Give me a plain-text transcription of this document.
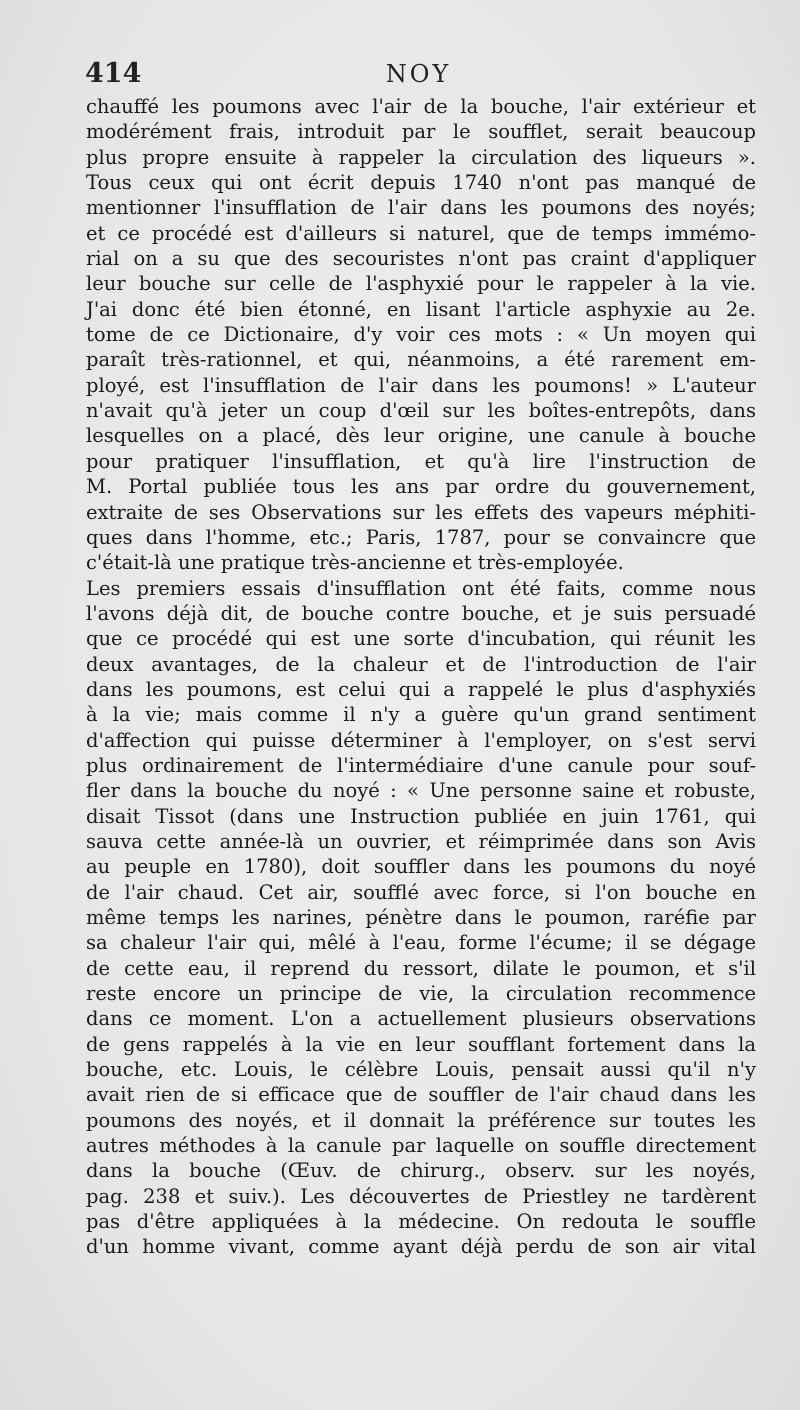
414	NOY
chauffé les poumons avec l'air de la bouche, l'air extérieur et
modérément frais, introduit par le soufflet, serait beaucoup
plus propre ensuite à rappeler la circulation des liqueurs ».
Tous ceux qui ont écrit depuis 1740 n'ont pas manqué de
mentionner l'insufflation de l'air dans les poumons des noyés;
et ce procédé est d'ailleurs si naturel, que de temps immémo-
rial on a su que des secouristes n'ont pas craint d'appliquer
leur bouche sur celle de l'asphyxié pour le rappeler à la vie.
J'ai donc été bien étonné, en lisant l'article asphyxie au 2e.
tome de ce Dictionaire, d'y voir ces mots : « Un moyen qui
paraît très-rationnel, et qui, néanmoins, a été rarement em-
ployé, est l'insufflation de l'air dans les poumons! » L'auteur
n'avait qu'à jeter un coup d'œil sur les boîtes-entrepôts, dans
lesquelles on a placé, dès leur origine, une canule à bouche
pour pratiquer l'insufflation, et qu'à lire l'instruction de
M. Portal publiée tous les ans par ordre du gouvernement,
extraite de ses Observations sur les effets des vapeurs méphiti-
ques dans l'homme, etc.; Paris, 1787, pour se convaincre que
c'était-là une pratique très-ancienne et très-employée.
Les premiers essais d'insufflation ont été faits, comme nous
l'avons déjà dit, de bouche contre bouche, et je suis persuadé
que ce procédé qui est une sorte d'incubation, qui réunit les
deux avantages, de la chaleur et de l'introduction de l'air
dans les poumons, est celui qui a rappelé le plus d'asphyxiés
à la vie; mais comme il n'y a guère qu'un grand sentiment
d'affection qui puisse déterminer à l'employer, on s'est servi
plus ordinairement de l'intermédiaire d'une canule pour souf-
fler dans la bouche du noyé : « Une personne saine et robuste,
disait Tissot (dans une Instruction publiée en juin 1761, qui
sauva cette année-là un ouvrier, et réimprimée dans son Avis
au peuple en 1780), doit souffler dans les poumons du noyé
de l'air chaud. Cet air, soufflé avec force, si l'on bouche en
même temps les narines, pénètre dans le poumon, raréfie par
sa chaleur l'air qui, mêlé à l'eau, forme l'écume; il se dégage
de cette eau, il reprend du ressort, dilate le poumon, et s'il
reste encore un principe de vie, la circulation recommence
dans ce moment. L'on a actuellement plusieurs observations
de gens rappelés à la vie en leur soufflant fortement dans la
bouche, etc. Louis, le célèbre Louis, pensait aussi qu'il n'y
avait rien de si efficace que de souffler de l'air chaud dans les
poumons des noyés, et il donnait la préférence sur toutes les
autres méthodes à la canule par laquelle on souffle directement
dans la bouche (Œuv. de chirurg., observ. sur les noyés,
pag. 238 et suiv.). Les découvertes de Priestley ne tardèrent
pas d'être appliquées à la médecine. On redouta le souffle
d'un homme vivant, comme ayant déjà perdu de son air vital
